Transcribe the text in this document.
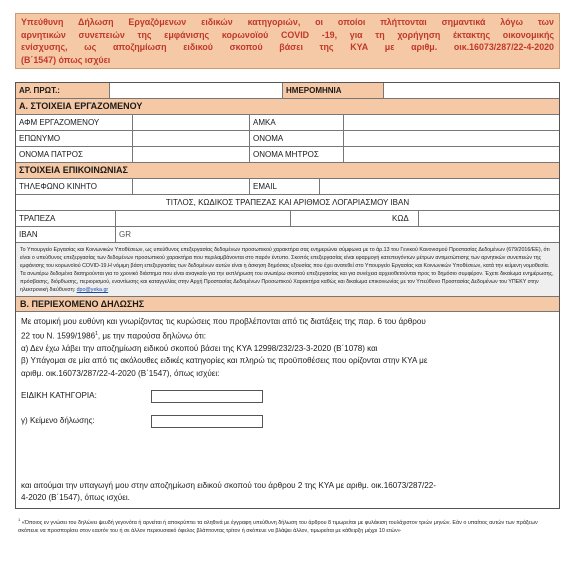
Υπεύθυνη Δήλωση Εργαζόμενων ειδικών κατηγοριών, οι οποίοι πλήττονται σημαντικά λόγω των
αρνητικών συνεπειών της εμφάνισης κορωνοϊού COVID -19, για τη χορήγηση έκτακτης οικονομικής
ενίσχυσης, ως αποζημίωση ειδικού σκοπού βάσει της ΚΥΑ με αριθμ. οικ.16073/287/22-4-2020
(Β΄1547) όπως ισχύει
ΑΡ. ΠΡΩΤ.:	ΗΜΕΡΟΜΗΝΙΑ
Α. ΣΤΟΙΧΕΙΑ ΕΡΓΑΖΟΜΕΝΟΥ
ΑΦΜ ΕΡΓΑΖΟΜΕΝΟΥ	ΑΜΚΑ
ΕΠΩΝΥΜΟ	ΟΝΟΜΑ
ΟΝΟΜΑ ΠΑΤΡΟΣ	ΟΝΟΜΑ ΜΗΤΡΟΣ
ΣΤΟΙΧΕΙΑ ΕΠΙΚΟΙΝΩΝΙΑΣ
ΤΗΛΕΦΩΝΟ ΚΙΝΗΤΟ	EMAIL
ΤΙΤΛΟΣ, ΚΩΔΙΚΟΣ ΤΡΑΠΕΖΑΣ ΚΑΙ ΑΡΙΘΜΟΣ ΛΟΓΑΡΙΑΣΜΟΥ IBAN
ΤΡΑΠΕΖΑ	ΚΩΔ
IBAN	GR
Το Υπουργείο Εργασίας και Κοινωνικών Υποθέσεων, ως υπεύθυνος επεξεργασίας δεδομένων προσωπικού χαρακτήρα σας ενημερώνει σύμφωνα με το άρ.13 του Γενικού Κανονισμού Προστασίας Δεδομένων (679/2016/ΕΕ), ότι είναι ο υπεύθυνος επεξεργασίας των δεδομένων προσωπικού χαρακτήρα που περιλαμβάνονται στο παρόν έντυπο. Σκοπός επεξεργασίας είναι εφαρμογή κατεπειγόντων μέτρων αντιμετώπισης των αρνητικών συνεπειών της εμφάνισης του κορωνοϊού COVID-19.Η νόμιμη βάση επεξεργασίας των δεδομένων αυτών είναι η άσκηση δημόσιας εξουσίας που έχει ανατεθεί στο Υπουργείο Εργασίας και Κοινωνικών Υποθέσεων, κατά την κείμενη νομοθεσία. Τα ανωτέρω δεδομένα διατηρούνται για το χρονικό διάστημα που είναι αναγκαίο για την εκπλήρωση του ανωτέρω σκοπού επεξεργασίας και για συνέχεια αρχειοθετούνται προς το δημόσιο συμφέρον. Έχετε δικαίωμα ενημέρωσης, πρόσβασης, διόρθωσης, περιορισμού, εναντίωσης και καταγγελίας στην Αρχή Προστασίας Δεδομένων Προσωπικού Χαρακτήρα καθώς και δικαίωμα επικοινωνίας με τον Υπεύθυνο Προστασίας Δεδομένων του ΥΠΕΚΥ στην ηλεκτρονική διεύθυνση: dpo@yeka.gr
Β. ΠΕΡΙΕΧΟΜΕΝΟ ΔΗΛΩΣΗΣ

Με ατομική μου ευθύνη και γνωρίζοντας τις κυρώσεις που προβλέπονται από τις διατάξεις της παρ. 6 του άρθρου

22 του Ν. 1599/1986$^1$, με την παρούσα δηλώνω ότι:

α) Δεν έχω λάβει την αποζημίωση ειδικού σκοπού βάσει της ΚΥΑ 12998/232/23-3-2020 (Β΄1078) και

β) Υπάγομαι σε μία από τις ακόλουθες ειδικές κατηγορίες και πληρώ τις προϋποθέσεις που ορίζονται στην ΚΥΑ με

αριθμ. οικ.16073/287/22-4-2020 (Β΄1547), όπως ισχύει:

ΕΙΔΙΚΗ ΚΑΤΗΓΟΡΙΑ:
γ) Κείμενο δήλωσης:

και αιτούμαι την υπαγωγή μου στην αποζημίωση ειδικού σκοπού του άρθρου 2 της ΚΥΑ με αριθμ. οικ.16073/287/22-

4-2020 (Β΄1547), όπως ισχύει.

$^1$ «Όποιος εν γνώσει του δηλώνει ψευδή γεγονότα ή αρνείται ή αποκρύπτει τα αληθινά με έγγραφη υπεύθυνη δήλωση του άρθρου 8 τιμωρείται με φυλάκιση τουλάχιστον τριών μηνών. Εάν ο υπαίτιος αυτών των πράξεων σκόπευε να προσπορίσει στον εαυτόν του ή σε άλλον περιουσιακό όφελος βλάπτοντας τρίτον ή σκόπευε να βλάψει άλλον, τιμωρείται με κάθειρξη μέχρι 10 ετών»
